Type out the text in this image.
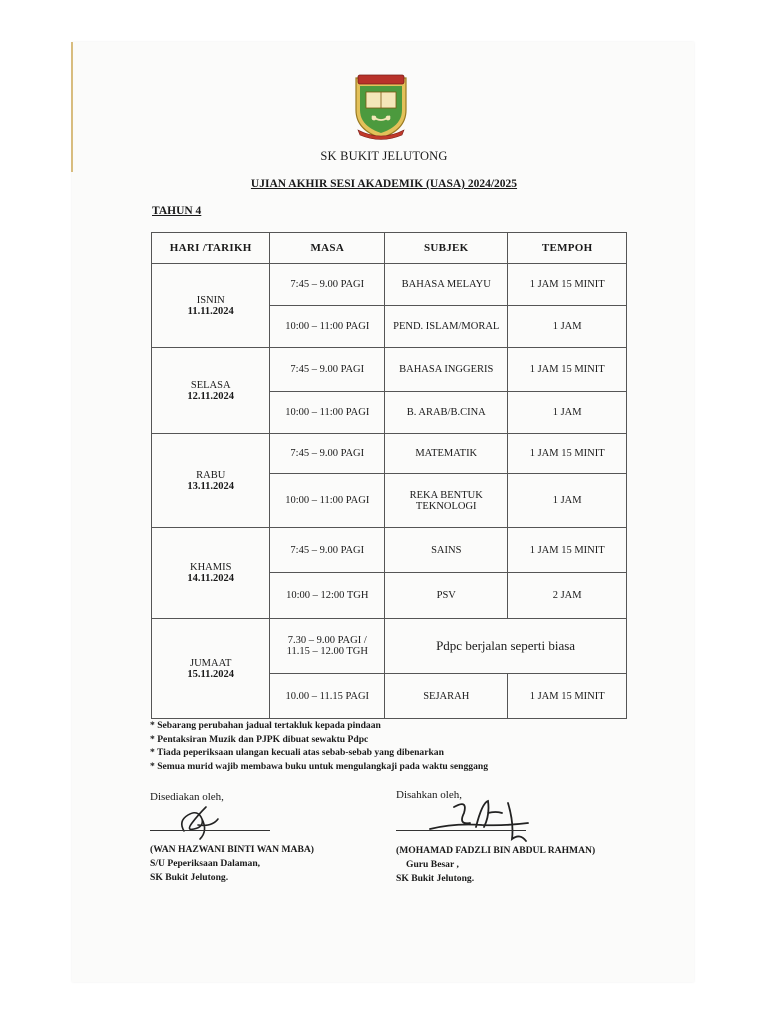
SK BUKIT JELUTONG
UJIAN AKHIR SESI AKADEMIK (UASA) 2024/2025
TAHUN 4
HARI /TARIKH	MASA	SUBJEK	TEMPOH

ISNIN
11.11.2024	7:45 – 9.00 PAGI	BAHASA MELAYU	1 JAM 15 MINIT
	10:00 – 11:00 PAGI	PEND. ISLAM/MORAL	1 JAM

SELASA
12.11.2024	7:45 – 9.00 PAGI	BAHASA INGGERIS	1 JAM 15 MINIT
	10:00 – 11:00 PAGI	B. ARAB/B.CINA	1 JAM

RABU
13.11.2024	7:45 – 9.00 PAGI	MATEMATIK	1 JAM 15 MINIT
	10:00 – 11:00 PAGI	REKA BENTUK
TEKNOLOGI	1 JAM

KHAMIS
14.11.2024	7:45 – 9.00 PAGI	SAINS	1 JAM 15 MINIT
	10:00 – 12:00 TGH	PSV	2 JAM

JUMAAT
15.11.2024	7.30 – 9.00 PAGI /
11.15 – 12.00 TGH	Pdpc berjalan seperti biasa	
	10.00 – 11.15 PAGI	SEJARAH	1 JAM 15 MINIT
* Sebarang perubahan jadual tertakluk kepada pindaan
* Pentaksiran Muzik dan PJPK dibuat sewaktu Pdpc
* Tiada peperiksaan ulangan kecuali atas sebab-sebab yang dibenarkan
* Semua murid wajib membawa buku untuk mengulangkaji pada waktu senggang
Disediakan oleh,
(WAN HAZWANI BINTI WAN MABA)
S/U Peperiksaan Dalaman,
SK Bukit Jelutong.
Disahkan oleh,
(MOHAMAD FADZLI BIN ABDUL RAHMAN)
Guru Besar ,
SK Bukit Jelutong.
